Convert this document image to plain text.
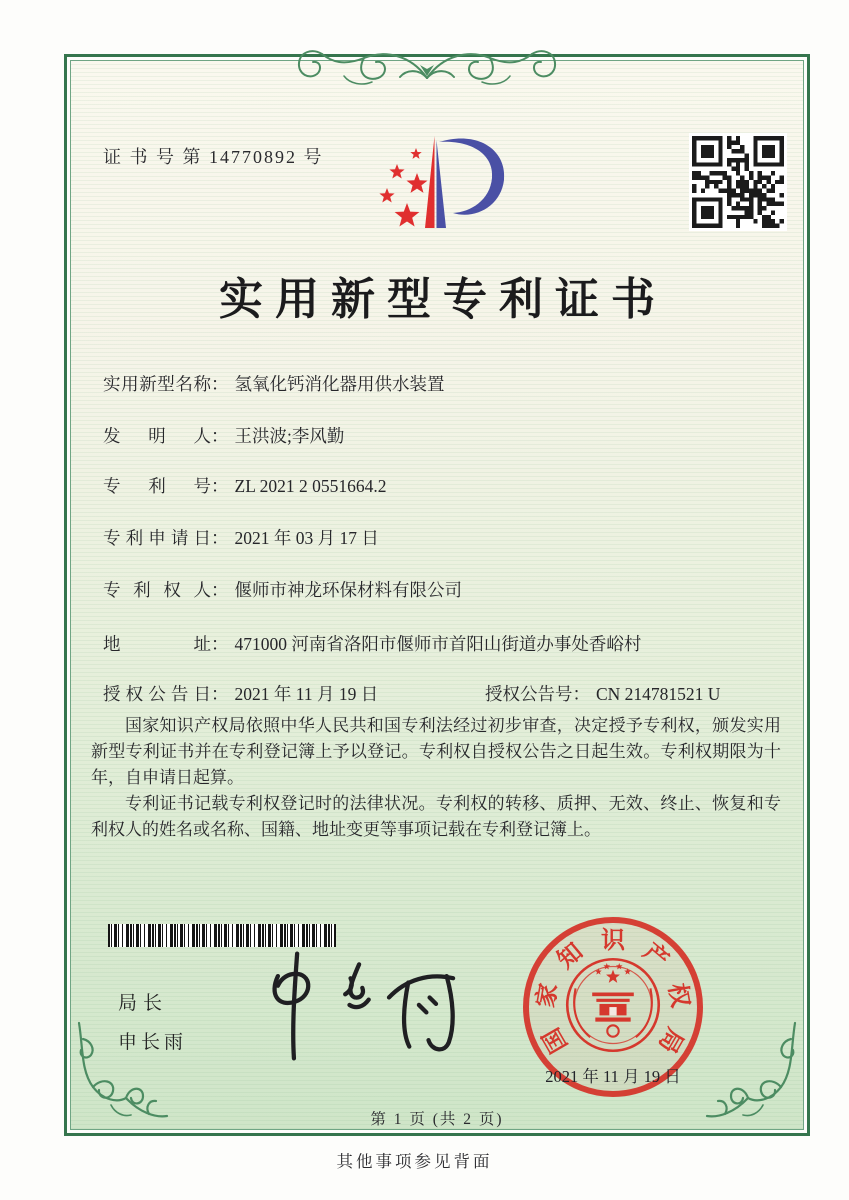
证 书 号 第 14770892 号
实用新型专利证书
实用新型名称： 氢氧化钙消化器用供水装置
发明人： 王洪波;李风勤
专利号： ZL 2021 2 0551664.2
专利申请日： 2021 年 03 月 17 日
专利权人： 偃师市神龙环保材料有限公司
地址： 471000 河南省洛阳市偃师市首阳山街道办事处香峪村
授权公告日： 2021 年 11 月 19 日	授权公告号： CN 214781521 U

国家知识产权局依照中华人民共和国专利法经过初步审查，决定授予专利权，颁发实用新型专利证书并在专利登记簿上予以登记。专利权自授权公告之日起生效。专利权期限为十年，自申请日起算。

专利证书记载专利权登记时的法律状况。专利权的转移、质押、无效、终止、恢复和专利权人的姓名或名称、国籍、地址变更等事项记载在专利登记簿上。

局长
申长雨	国
家
知 识 产
权
局
2021 年 11 月 19 日
第 1 页 (共 2 页)
其他事项参见背面
